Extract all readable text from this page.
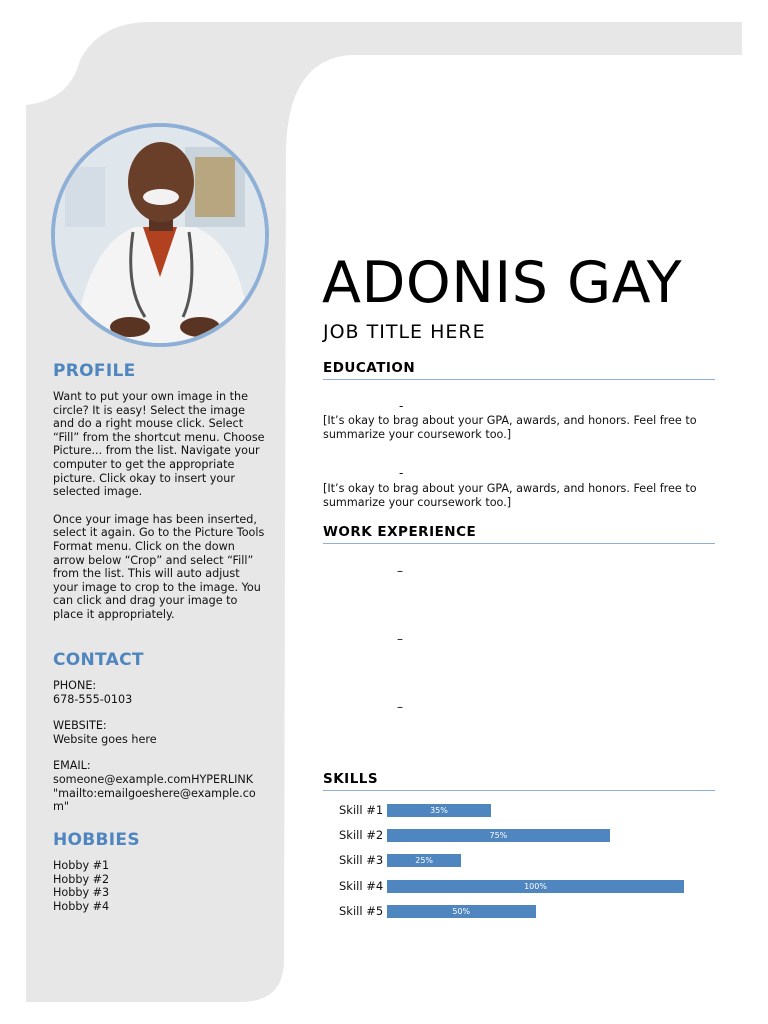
PROFILE

Want to put your own image in the circle? It is easy! Select the image and do a right mouse click. Select “Fill” from the shortcut menu. Choose Picture... from the list. Navigate your computer to get the appropriate picture. Click okay to insert your selected image.

Once your image has been inserted, select it again. Go to the Picture Tools Format menu. Click on the down arrow below “Crop” and select “Fill” from the list. This will auto adjust your image to crop to the image. You can click and drag your image to place it appropriately.

CONTACT
PHONE:
678-555-0103
WEBSITE:
Website goes here
EMAIL:
someone@example.comHYPERLINK "mailto:emailgoeshere@example.com"
HOBBIES
Hobby #1
Hobby #2
Hobby #3
Hobby #4
ADONIS GAY
JOB TITLE HERE
EDUCATION
-

[It’s okay to brag about your GPA, awards, and honors. Feel free to summarize your coursework too.]

-

[It’s okay to brag about your GPA, awards, and honors. Feel free to summarize your coursework too.]

WORK EXPERIENCE
–
–
–
SKILLS
Skill #1	35%
Skill #2	75%
Skill #3	25%
Skill #4	100%
Skill #5	50%
